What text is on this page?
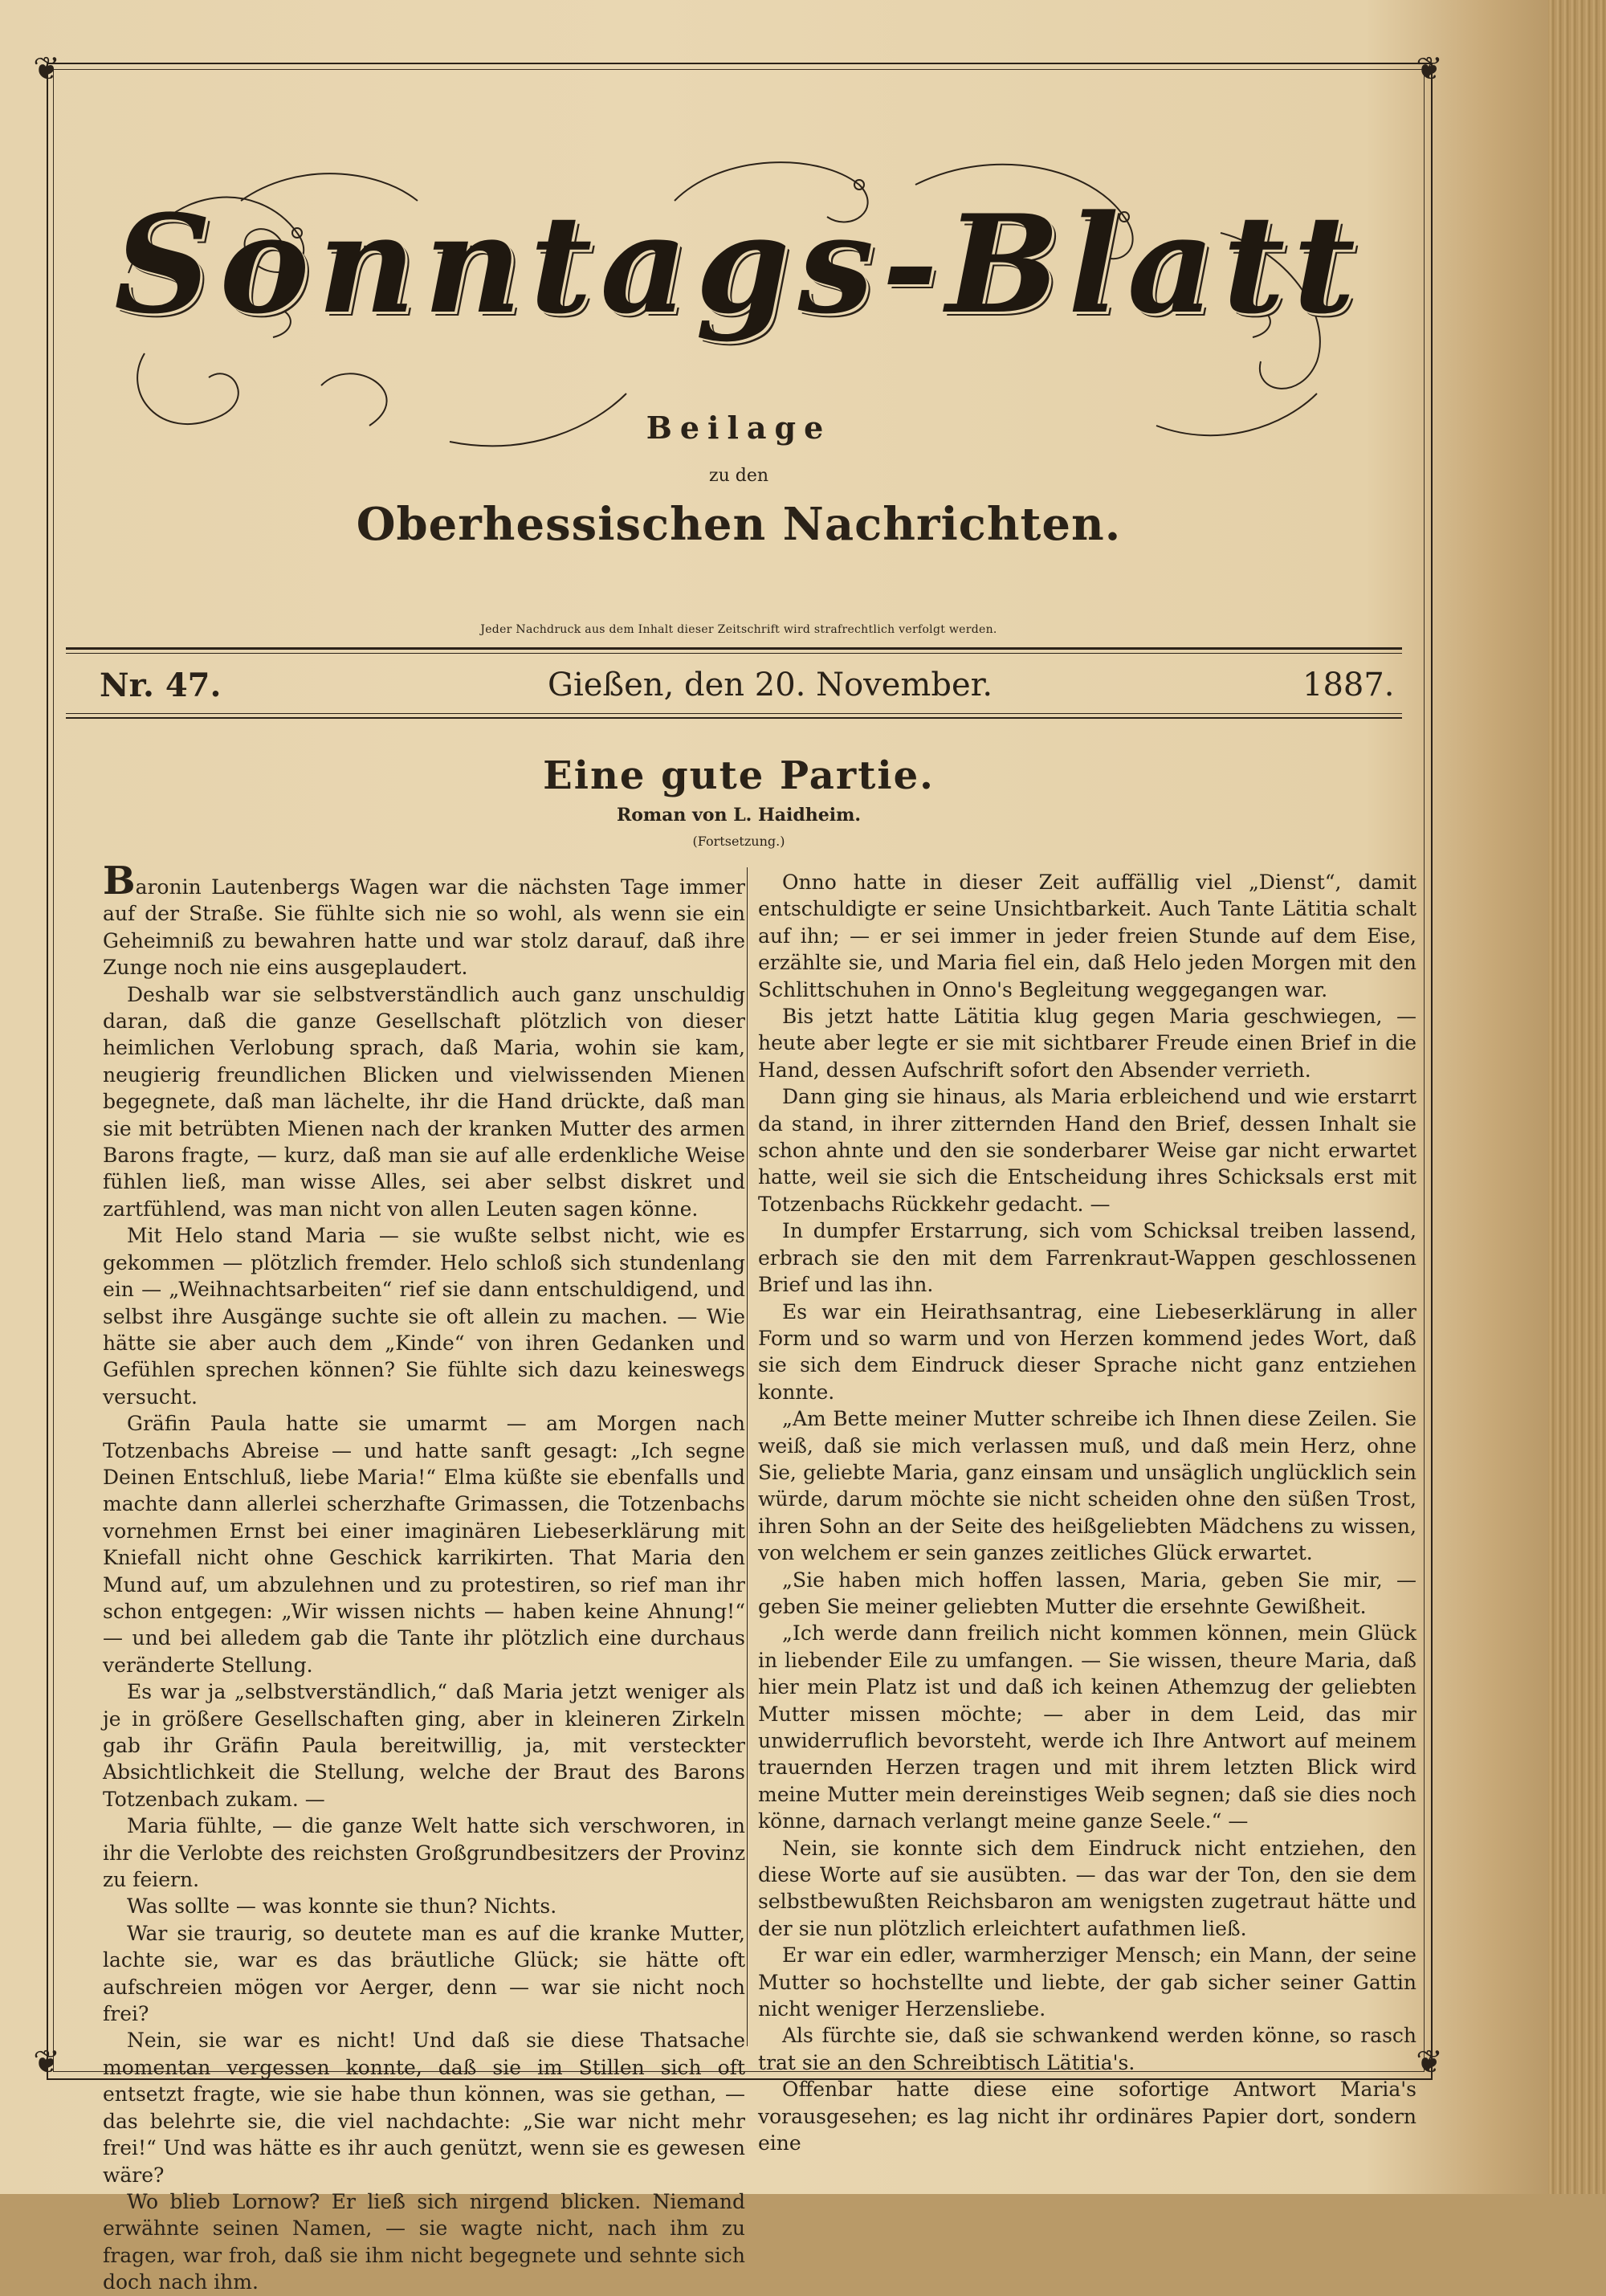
❦	❦
❦	❦
Sonntags-Blatt
Beilage
zu den
Oberhessischen Nachrichten.
Jeder Nachdruck aus dem Inhalt dieser Zeitschrift wird strafrechtlich verfolgt werden.
Nr. 47.	Gießen, den 20. November.	1887.
Eine gute Partie.
Roman von L. Haidheim.
(Fortsetzung.)

Baronin Lautenbergs Wagen war die nächsten Tage immer auf der Straße. Sie fühlte sich nie so wohl, als wenn sie ein Geheimniß zu bewahren hatte und war stolz darauf, daß ihre Zunge noch nie eins ausgeplaudert.

Deshalb war sie selbstverständlich auch ganz unschuldig daran, daß die ganze Gesellschaft plötzlich von dieser heimlichen Verlobung sprach, daß Maria, wohin sie kam, neugierig freundlichen Blicken und vielwissenden Mienen begegnete, daß man lächelte, ihr die Hand drückte, daß man sie mit betrübten Mienen nach der kranken Mutter des armen Barons fragte, — kurz, daß man sie auf alle erdenkliche Weise fühlen ließ, man wisse Alles, sei aber selbst diskret und zartfühlend, was man nicht von allen Leuten sagen könne.

Mit Helo stand Maria — sie wußte selbst nicht, wie es gekommen — plötzlich fremder. Helo schloß sich stundenlang ein — „Weihnachtsarbeiten“ rief sie dann entschuldigend, und selbst ihre Ausgänge suchte sie oft allein zu machen. — Wie hätte sie aber auch dem „Kinde“ von ihren Gedanken und Gefühlen sprechen können? Sie fühlte sich dazu keineswegs versucht.

Gräfin Paula hatte sie umarmt — am Morgen nach Totzenbachs Abreise — und hatte sanft gesagt: „Ich segne Deinen Entschluß, liebe Maria!“ Elma küßte sie ebenfalls und machte dann allerlei scherzhafte Grimassen, die Totzenbachs vornehmen Ernst bei einer imaginären Liebeserklärung mit Kniefall nicht ohne Geschick karrikirten. That Maria den Mund auf, um abzulehnen und zu protestiren, so rief man ihr schon entgegen: „Wir wissen nichts — haben keine Ahnung!“ — und bei alledem gab die Tante ihr plötzlich eine durchaus veränderte Stellung.

Es war ja „selbstverständlich,“ daß Maria jetzt weniger als je in größere Gesellschaften ging, aber in kleineren Zirkeln gab ihr Gräfin Paula bereitwillig, ja, mit versteckter Absichtlichkeit die Stellung, welche der Braut des Barons Totzenbach zukam. —

Maria fühlte, — die ganze Welt hatte sich verschworen, in ihr die Verlobte des reichsten Großgrundbesitzers der Provinz zu feiern.

Was sollte — was konnte sie thun? Nichts.

War sie traurig, so deutete man es auf die kranke Mutter, lachte sie, war es das bräutliche Glück; sie hätte oft aufschreien mögen vor Aerger, denn — war sie nicht noch frei?

Nein, sie war es nicht! Und daß sie diese Thatsache momentan vergessen konnte, daß sie im Stillen sich oft entsetzt fragte, wie sie habe thun können, was sie gethan, — das belehrte sie, die viel nachdachte: „Sie war nicht mehr frei!“ Und was hätte es ihr auch genützt, wenn sie es gewesen wäre?

Wo blieb Lornow? Er ließ sich nirgend blicken. Niemand erwähnte seinen Namen, — sie wagte nicht, nach ihm zu fragen, war froh, daß sie ihm nicht begegnete und sehnte sich doch nach ihm.

Onno hatte in dieser Zeit auffällig viel „Dienst“, damit entschuldigte er seine Unsichtbarkeit. Auch Tante Lätitia schalt auf ihn; — er sei immer in jeder freien Stunde auf dem Eise, erzählte sie, und Maria fiel ein, daß Helo jeden Morgen mit den Schlittschuhen in Onno's Begleitung weggegangen war.

Bis jetzt hatte Lätitia klug gegen Maria geschwiegen, — heute aber legte er sie mit sichtbarer Freude einen Brief in die Hand, dessen Aufschrift sofort den Absender verrieth.

Dann ging sie hinaus, als Maria erbleichend und wie erstarrt da stand, in ihrer zitternden Hand den Brief, dessen Inhalt sie schon ahnte und den sie sonderbarer Weise gar nicht erwartet hatte, weil sie sich die Entscheidung ihres Schicksals erst mit Totzenbachs Rückkehr gedacht. —

In dumpfer Erstarrung, sich vom Schicksal treiben lassend, erbrach sie den mit dem Farrenkraut-Wappen geschlossenen Brief und las ihn.

Es war ein Heirathsantrag, eine Liebeserklärung in aller Form und so warm und von Herzen kommend jedes Wort, daß sie sich dem Eindruck dieser Sprache nicht ganz entziehen konnte.

„Am Bette meiner Mutter schreibe ich Ihnen diese Zeilen. Sie weiß, daß sie mich verlassen muß, und daß mein Herz, ohne Sie, geliebte Maria, ganz einsam und unsäglich unglücklich sein würde, darum möchte sie nicht scheiden ohne den süßen Trost, ihren Sohn an der Seite des heißgeliebten Mädchens zu wissen, von welchem er sein ganzes zeitliches Glück erwartet.

„Sie haben mich hoffen lassen, Maria, geben Sie mir, — geben Sie meiner geliebten Mutter die ersehnte Gewißheit.

„Ich werde dann freilich nicht kommen können, mein Glück in liebender Eile zu umfangen. — Sie wissen, theure Maria, daß hier mein Platz ist und daß ich keinen Athemzug der geliebten Mutter missen möchte; — aber in dem Leid, das mir unwiderruflich bevorsteht, werde ich Ihre Antwort auf meinem trauernden Herzen tragen und mit ihrem letzten Blick wird meine Mutter mein dereinstiges Weib segnen; daß sie dies noch könne, darnach verlangt meine ganze Seele.“ —

Nein, sie konnte sich dem Eindruck nicht entziehen, den diese Worte auf sie ausübten. — das war der Ton, den sie dem selbstbewußten Reichsbaron am wenigsten zugetraut hätte und der sie nun plötzlich erleichtert aufathmen ließ.

Er war ein edler, warmherziger Mensch; ein Mann, der seine Mutter so hochstellte und liebte, der gab sicher seiner Gattin nicht weniger Herzensliebe.

Als fürchte sie, daß sie schwankend werden könne, so rasch trat sie an den Schreibtisch Lätitia's.

Offenbar hatte diese eine sofortige Antwort Maria's vorausgesehen; es lag nicht ihr ordinäres Papier dort, sondern eine
